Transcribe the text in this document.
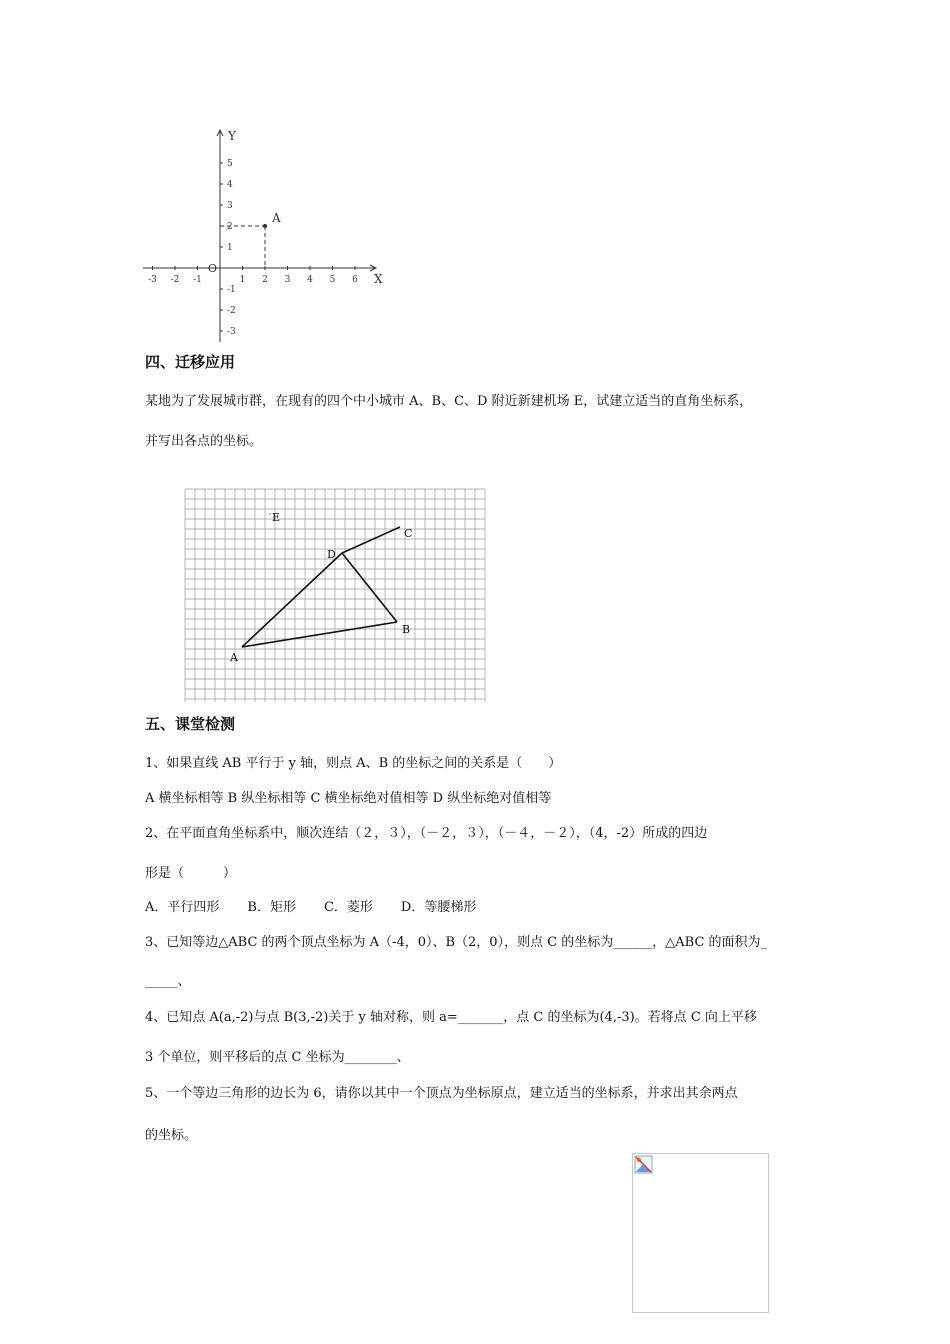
-3 -2 -1	1 2 3 4 5 6
5
4
3
2
1
-1
-2
-3
X
Y
O
A
四、迁移应用
某地为了发展城市群，在现有的四个中小城市 A、B、C、D 附近新建机场 E，试建立适当的直角坐标系，
并写出各点的坐标。
A
B
C
D
E
五、课堂检测
1、如果直线 AB 平行于 y 轴，则点 A、B 的坐标之间的关系是（　　）
A 横坐标相等 B 纵坐标相等 C 横坐标绝对值相等 D 纵坐标绝对值相等
2、在平面直角坐标系中，顺次连结（２，３），（－２，３），（－４，－２），（4，-2）所成的四边
形是（　　　）
A．平行四形 B．矩形 C．菱形 D．等腰梯形
3、已知等边△ABC 的两个顶点坐标为 A（-4，0）、B（2，0），则点 C 的坐标为______，△ABC 的面积为_
_____、
4、已知点 A(a,-2)与点 B(3,-2)关于 y 轴对称，则 a=_______，点 C 的坐标为(4,-3)。若将点 C 向上平移
3 个单位，则平移后的点 C 坐标为________、
5、一个等边三角形的边长为 6，请你以其中一个顶点为坐标原点，建立适当的坐标系，并求出其余两点
的坐标。
